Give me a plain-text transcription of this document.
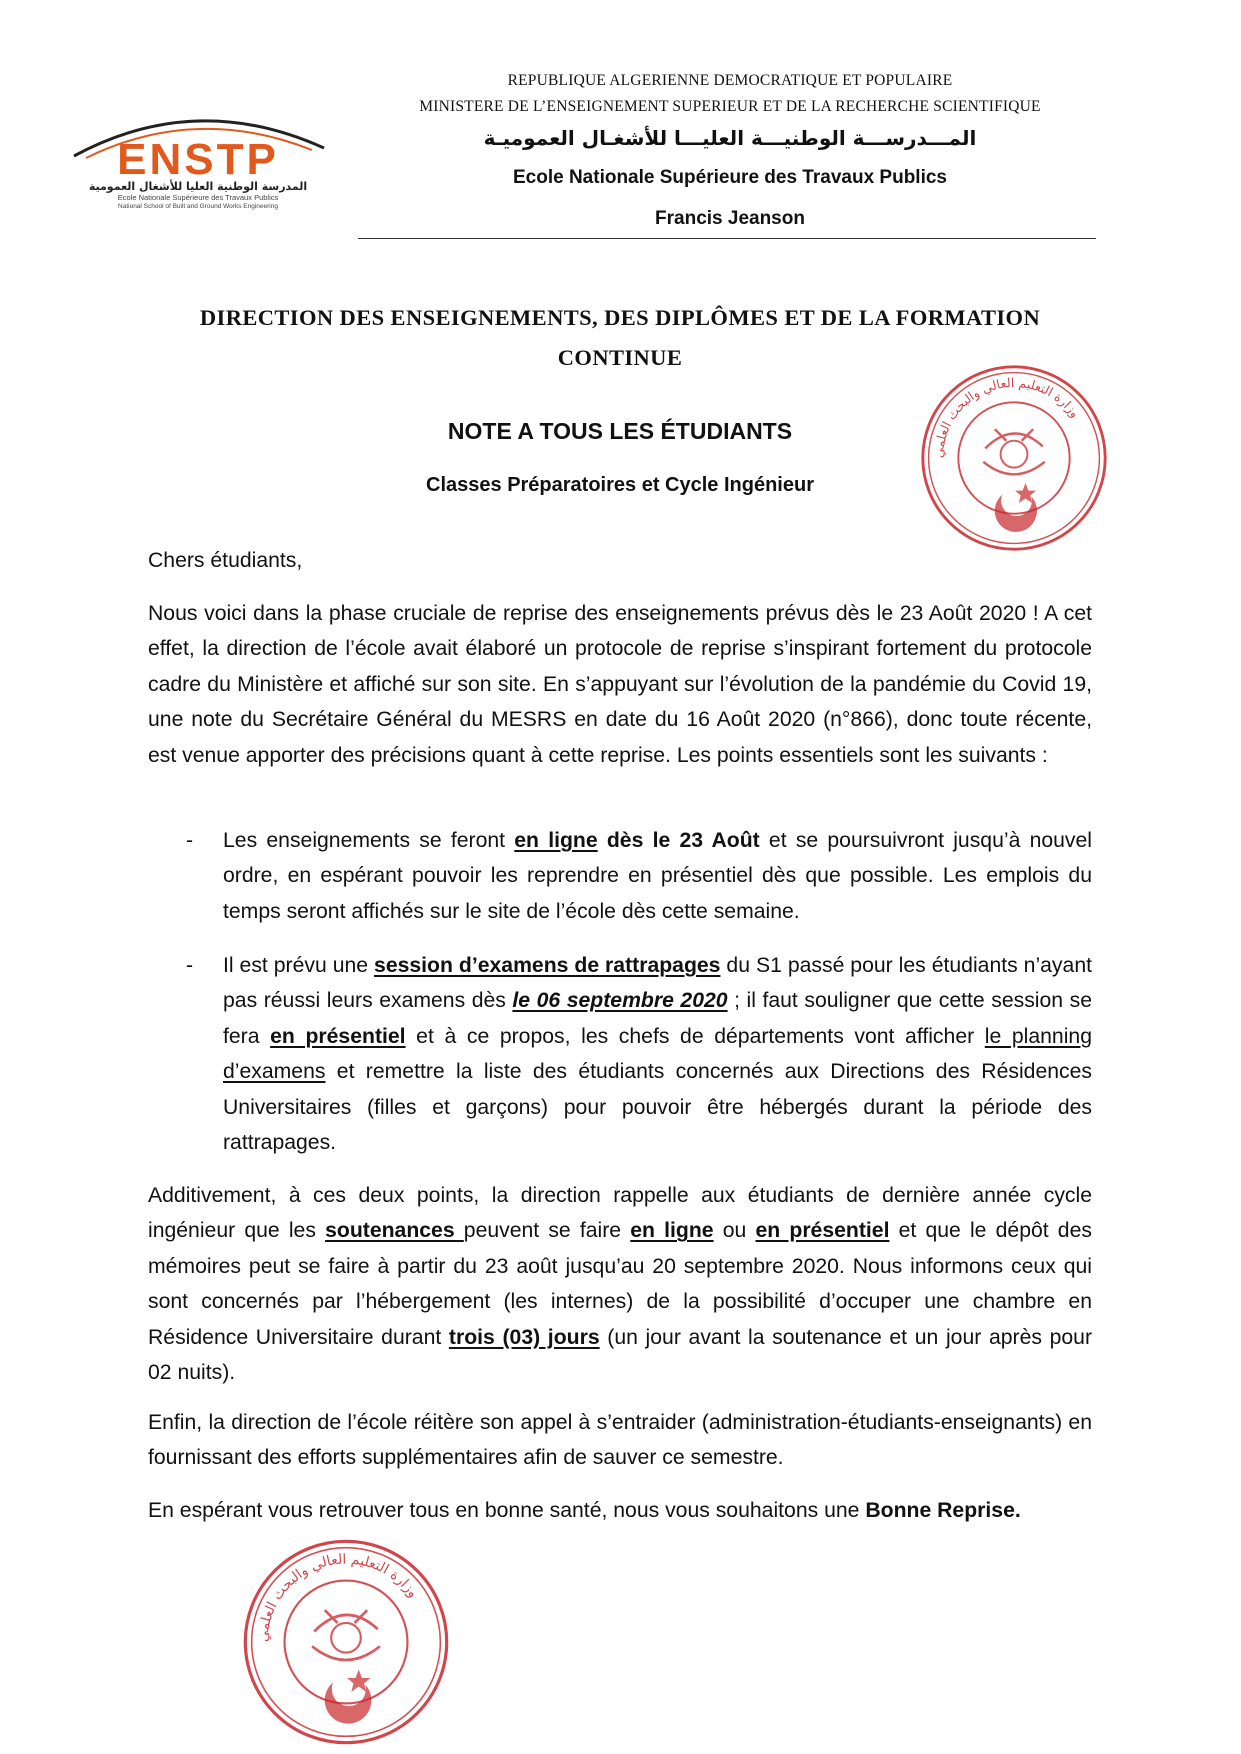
ENSTP
المدرسة الوطنية العليا للأشغال العمومية
Ecole Nationale Supérieure des Travaux Publics
National School of Built and Ground Works Engineering

REPUBLIQUE ALGERIENNE DEMOCRATIQUE ET POPULAIRE

MINISTERE DE L’ENSEIGNEMENT SUPERIEUR ET DE LA RECHERCHE SCIENTIFIQUE

المـــدرســـة الوطنيـــة العليـــا للأشغـال العموميـة

Ecole Nationale Supérieure des Travaux Publics

Francis Jeanson

DIRECTION DES ENSEIGNEMENTS, DES DIPLÔMES ET DE LA FORMATION CONTINUE

NOTE A TOUS LES ÉTUDIANTS

Classes Préparatoires et Cycle Ingénieur

وزارة التعليم العالي والبحث العلمي

Chers étudiants,

Nous voici dans la phase cruciale de reprise des enseignements prévus dès le 23 Août 2020 ! A cet effet, la direction de l’école avait élaboré un protocole de reprise s’inspirant fortement du protocole cadre du Ministère et affiché sur son site. En s’appuyant sur l’évolution de la pandémie du Covid 19, une note du Secrétaire Général du MESRS en date du 16 Août 2020 (n°866), donc toute récente, est venue apporter des précisions quant à cette reprise. Les points essentiels sont les suivants :

- Les enseignements se feront en ligne dès le 23 Août et se poursuivront jusqu’à nouvel ordre, en espérant pouvoir les reprendre en présentiel dès que possible. Les emplois du temps seront affichés sur le site de l’école dès cette semaine.

- Il est prévu une session d’examens de rattrapages du S1 passé pour les étudiants n’ayant pas réussi leurs examens dès le 06 septembre 2020 ; il faut souligner que cette session se fera en présentiel et à ce propos, les chefs de départements vont afficher le planning d’examens et remettre la liste des étudiants concernés aux Directions des Résidences Universitaires (filles et garçons) pour pouvoir être hébergés durant la période des rattrapages.

Additivement, à ces deux points, la direction rappelle aux étudiants de dernière année cycle ingénieur que les soutenances peuvent se faire en ligne ou en présentiel et que le dépôt des mémoires peut se faire à partir du 23 août jusqu’au 20 septembre 2020. Nous informons ceux qui sont concernés par l’hébergement (les internes) de la possibilité d’occuper une chambre en Résidence Universitaire durant trois (03) jours (un jour avant la soutenance et un jour après pour 02 nuits).

Enfin, la direction de l’école réitère son appel à s’entraider (administration-étudiants-enseignants) en fournissant des efforts supplémentaires afin de sauver ce semestre.

En espérant vous retrouver tous en bonne santé, nous vous souhaitons une Bonne Reprise.

وزارة التعليم العالي والبحث العلمي
